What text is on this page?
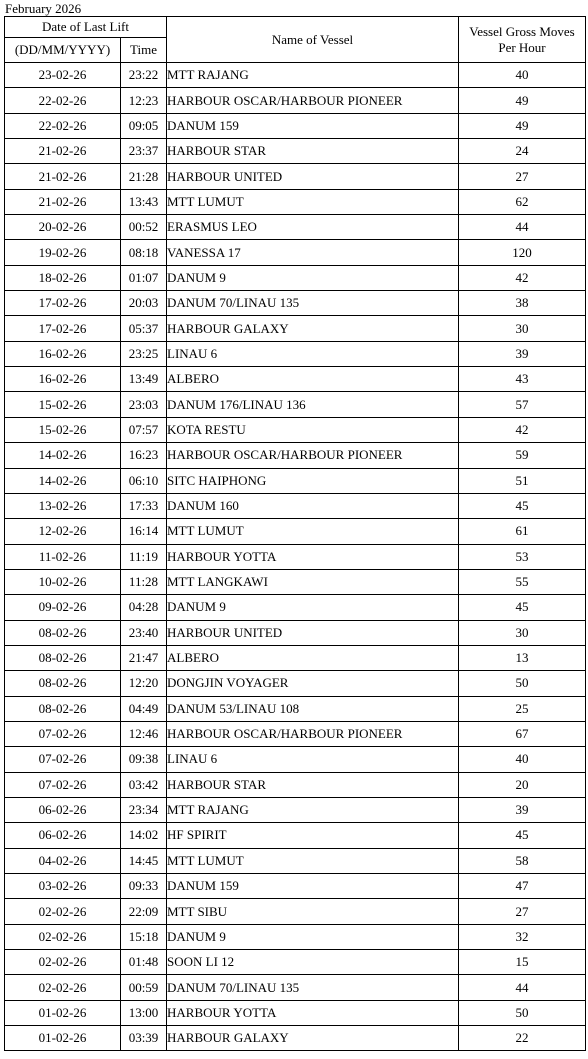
February 2026
Date of Last Lift		Name of Vessel	Vessel Gross Moves
Per Hour
(DD/MM/YYYY)	Time		
23-02-26	23:22	MTT RAJANG	40
22-02-26	12:23	HARBOUR OSCAR/HARBOUR PIONEER	49
22-02-26	09:05	DANUM 159	49
21-02-26	23:37	HARBOUR STAR	24
21-02-26	21:28	HARBOUR UNITED	27
21-02-26	13:43	MTT LUMUT	62
20-02-26	00:52	ERASMUS LEO	44
19-02-26	08:18	VANESSA 17	120
18-02-26	01:07	DANUM 9	42
17-02-26	20:03	DANUM 70/LINAU 135	38
17-02-26	05:37	HARBOUR GALAXY	30
16-02-26	23:25	LINAU 6	39
16-02-26	13:49	ALBERO	43
15-02-26	23:03	DANUM 176/LINAU 136	57
15-02-26	07:57	KOTA RESTU	42
14-02-26	16:23	HARBOUR OSCAR/HARBOUR PIONEER	59
14-02-26	06:10	SITC HAIPHONG	51
13-02-26	17:33	DANUM 160	45
12-02-26	16:14	MTT LUMUT	61
11-02-26	11:19	HARBOUR YOTTA	53
10-02-26	11:28	MTT LANGKAWI	55
09-02-26	04:28	DANUM 9	45
08-02-26	23:40	HARBOUR UNITED	30
08-02-26	21:47	ALBERO	13
08-02-26	12:20	DONGJIN VOYAGER	50
08-02-26	04:49	DANUM 53/LINAU 108	25
07-02-26	12:46	HARBOUR OSCAR/HARBOUR PIONEER	67
07-02-26	09:38	LINAU 6	40
07-02-26	03:42	HARBOUR STAR	20
06-02-26	23:34	MTT RAJANG	39
06-02-26	14:02	HF SPIRIT	45
04-02-26	14:45	MTT LUMUT	58
03-02-26	09:33	DANUM 159	47
02-02-26	22:09	MTT SIBU	27
02-02-26	15:18	DANUM 9	32
02-02-26	01:48	SOON LI 12	15
02-02-26	00:59	DANUM 70/LINAU 135	44
01-02-26	13:00	HARBOUR YOTTA	50
01-02-26	03:39	HARBOUR GALAXY	22
